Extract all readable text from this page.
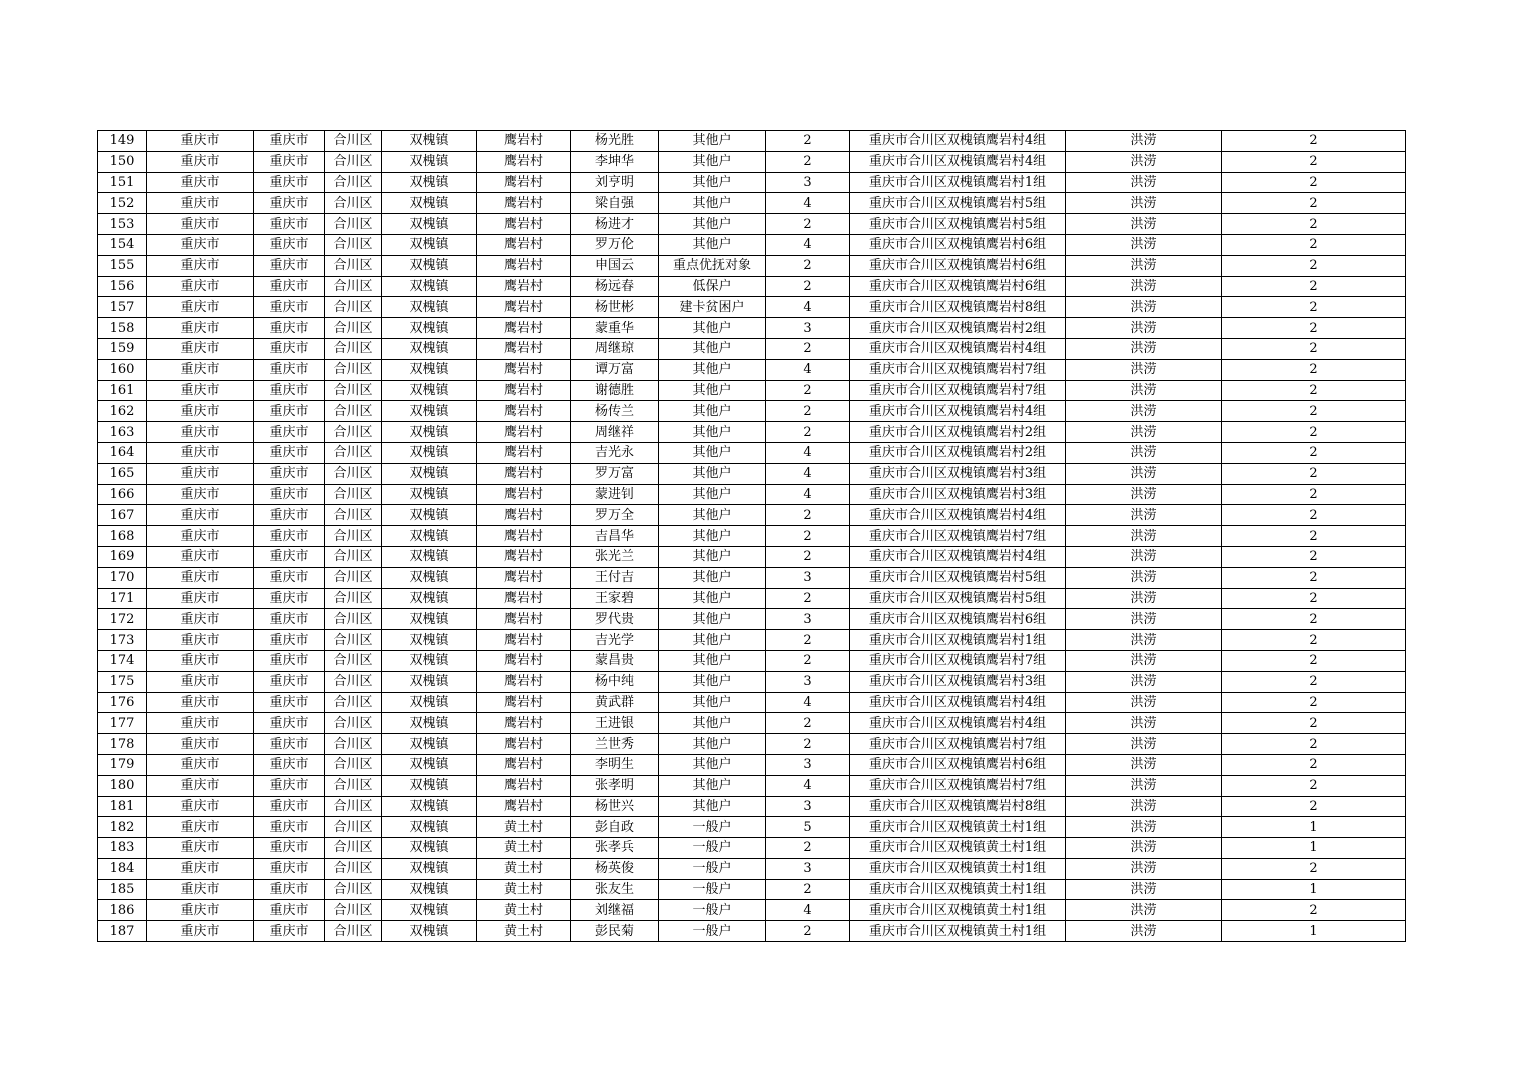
149	重庆市	重庆市	合川区	双槐镇	鹰岩村	杨光胜	其他户	2	重庆市合川区双槐镇鹰岩村4组	洪涝	2
150	重庆市	重庆市	合川区	双槐镇	鹰岩村	李坤华	其他户	2	重庆市合川区双槐镇鹰岩村4组	洪涝	2
151	重庆市	重庆市	合川区	双槐镇	鹰岩村	刘亨明	其他户	3	重庆市合川区双槐镇鹰岩村1组	洪涝	2
152	重庆市	重庆市	合川区	双槐镇	鹰岩村	梁自强	其他户	4	重庆市合川区双槐镇鹰岩村5组	洪涝	2
153	重庆市	重庆市	合川区	双槐镇	鹰岩村	杨进才	其他户	2	重庆市合川区双槐镇鹰岩村5组	洪涝	2
154	重庆市	重庆市	合川区	双槐镇	鹰岩村	罗万伦	其他户	4	重庆市合川区双槐镇鹰岩村6组	洪涝	2
155	重庆市	重庆市	合川区	双槐镇	鹰岩村	申国云	重点优抚对象	2	重庆市合川区双槐镇鹰岩村6组	洪涝	2
156	重庆市	重庆市	合川区	双槐镇	鹰岩村	杨远春	低保户	2	重庆市合川区双槐镇鹰岩村6组	洪涝	2
157	重庆市	重庆市	合川区	双槐镇	鹰岩村	杨世彬	建卡贫困户	4	重庆市合川区双槐镇鹰岩村8组	洪涝	2
158	重庆市	重庆市	合川区	双槐镇	鹰岩村	蒙重华	其他户	3	重庆市合川区双槐镇鹰岩村2组	洪涝	2
159	重庆市	重庆市	合川区	双槐镇	鹰岩村	周继琼	其他户	2	重庆市合川区双槐镇鹰岩村4组	洪涝	2
160	重庆市	重庆市	合川区	双槐镇	鹰岩村	谭万富	其他户	4	重庆市合川区双槐镇鹰岩村7组	洪涝	2
161	重庆市	重庆市	合川区	双槐镇	鹰岩村	谢德胜	其他户	2	重庆市合川区双槐镇鹰岩村7组	洪涝	2
162	重庆市	重庆市	合川区	双槐镇	鹰岩村	杨传兰	其他户	2	重庆市合川区双槐镇鹰岩村4组	洪涝	2
163	重庆市	重庆市	合川区	双槐镇	鹰岩村	周继祥	其他户	2	重庆市合川区双槐镇鹰岩村2组	洪涝	2
164	重庆市	重庆市	合川区	双槐镇	鹰岩村	吉光永	其他户	4	重庆市合川区双槐镇鹰岩村2组	洪涝	2
165	重庆市	重庆市	合川区	双槐镇	鹰岩村	罗万富	其他户	4	重庆市合川区双槐镇鹰岩村3组	洪涝	2
166	重庆市	重庆市	合川区	双槐镇	鹰岩村	蒙进钊	其他户	4	重庆市合川区双槐镇鹰岩村3组	洪涝	2
167	重庆市	重庆市	合川区	双槐镇	鹰岩村	罗万全	其他户	2	重庆市合川区双槐镇鹰岩村4组	洪涝	2
168	重庆市	重庆市	合川区	双槐镇	鹰岩村	吉昌华	其他户	2	重庆市合川区双槐镇鹰岩村7组	洪涝	2
169	重庆市	重庆市	合川区	双槐镇	鹰岩村	张光兰	其他户	2	重庆市合川区双槐镇鹰岩村4组	洪涝	2
170	重庆市	重庆市	合川区	双槐镇	鹰岩村	王付吉	其他户	3	重庆市合川区双槐镇鹰岩村5组	洪涝	2
171	重庆市	重庆市	合川区	双槐镇	鹰岩村	王家碧	其他户	2	重庆市合川区双槐镇鹰岩村5组	洪涝	2
172	重庆市	重庆市	合川区	双槐镇	鹰岩村	罗代贵	其他户	3	重庆市合川区双槐镇鹰岩村6组	洪涝	2
173	重庆市	重庆市	合川区	双槐镇	鹰岩村	吉光学	其他户	2	重庆市合川区双槐镇鹰岩村1组	洪涝	2
174	重庆市	重庆市	合川区	双槐镇	鹰岩村	蒙昌贵	其他户	2	重庆市合川区双槐镇鹰岩村7组	洪涝	2
175	重庆市	重庆市	合川区	双槐镇	鹰岩村	杨中纯	其他户	3	重庆市合川区双槐镇鹰岩村3组	洪涝	2
176	重庆市	重庆市	合川区	双槐镇	鹰岩村	黄武群	其他户	4	重庆市合川区双槐镇鹰岩村4组	洪涝	2
177	重庆市	重庆市	合川区	双槐镇	鹰岩村	王进银	其他户	2	重庆市合川区双槐镇鹰岩村4组	洪涝	2
178	重庆市	重庆市	合川区	双槐镇	鹰岩村	兰世秀	其他户	2	重庆市合川区双槐镇鹰岩村7组	洪涝	2
179	重庆市	重庆市	合川区	双槐镇	鹰岩村	李明生	其他户	3	重庆市合川区双槐镇鹰岩村6组	洪涝	2
180	重庆市	重庆市	合川区	双槐镇	鹰岩村	张孝明	其他户	4	重庆市合川区双槐镇鹰岩村7组	洪涝	2
181	重庆市	重庆市	合川区	双槐镇	鹰岩村	杨世兴	其他户	3	重庆市合川区双槐镇鹰岩村8组	洪涝	2
182	重庆市	重庆市	合川区	双槐镇	黄土村	彭自政	一般户	5	重庆市合川区双槐镇黄土村1组	洪涝	1
183	重庆市	重庆市	合川区	双槐镇	黄土村	张孝兵	一般户	2	重庆市合川区双槐镇黄土村1组	洪涝	1
184	重庆市	重庆市	合川区	双槐镇	黄土村	杨英俊	一般户	3	重庆市合川区双槐镇黄土村1组	洪涝	2
185	重庆市	重庆市	合川区	双槐镇	黄土村	张友生	一般户	2	重庆市合川区双槐镇黄土村1组	洪涝	1
186	重庆市	重庆市	合川区	双槐镇	黄土村	刘继福	一般户	4	重庆市合川区双槐镇黄土村1组	洪涝	2
187	重庆市	重庆市	合川区	双槐镇	黄土村	彭民菊	一般户	2	重庆市合川区双槐镇黄土村1组	洪涝	1
